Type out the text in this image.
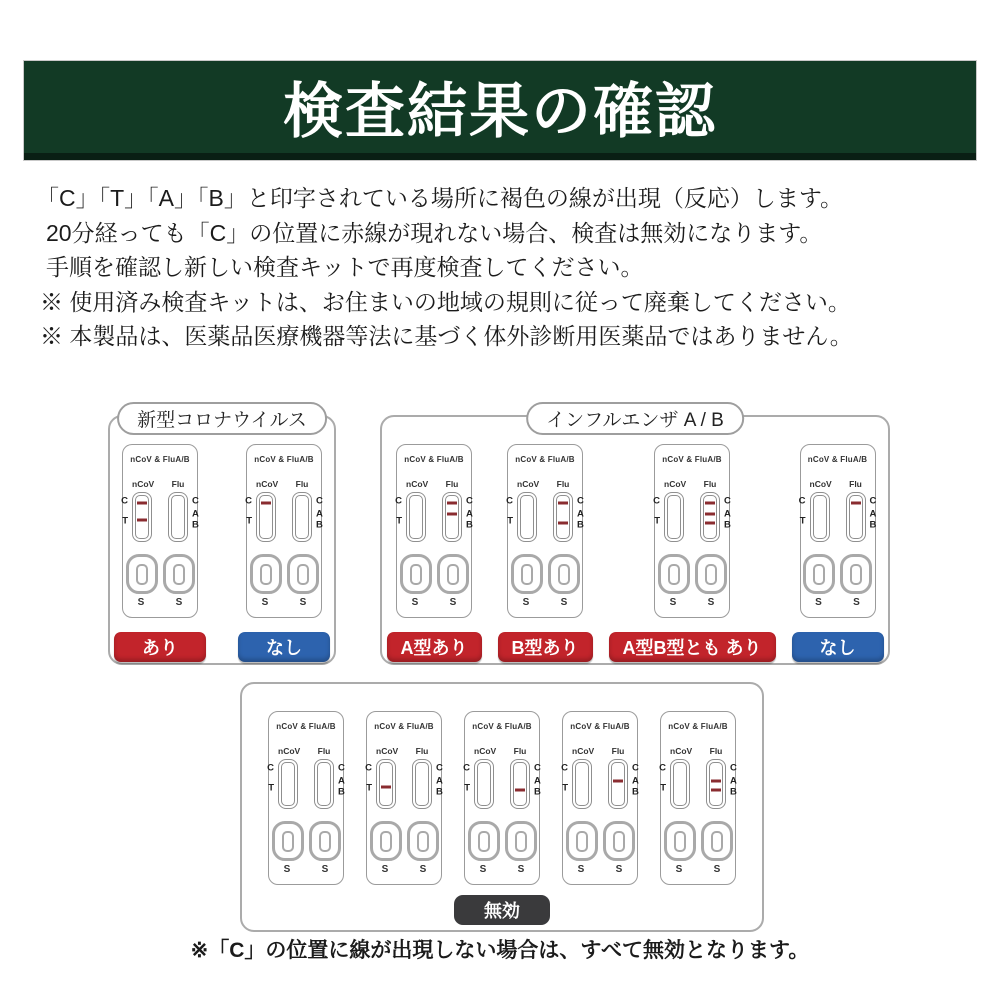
検査結果の確認
「C」「T」「A」「B」と印字されている場所に褐色の線が出現（反応）します。
20分経っても「C」の位置に赤線が現れない場合、検査は無効になります。
手順を確認し新しい検査キットで再度検査してください。
※ 使用済み検査キットは、お住まいの地域の規則に従って廃棄してください。
※ 本製品は、医薬品医療機器等法に基づく体外診断用医薬品ではありません。
新型コロナウイルス
nCoV & FluA/B
nCoV	Flu
C
T
C
A
B
S	S
あり
nCoV & FluA/B
nCoV	Flu
C
T
C
A
B
S	S
なし
インフルエンザ A / B
nCoV & FluA/B
nCoV	Flu
C
T
C
A
B
S	S
A型あり
nCoV & FluA/B
nCoV	Flu
C
T
C
A
B
S	S
B型あり
nCoV & FluA/B
nCoV	Flu
C
T
C
A
B
S	S
A型B型とも あり
nCoV & FluA/B
nCoV	Flu
C
T
C
A
B
S	S
なし
nCoV & FluA/B
nCoV	Flu
C
T
C
A
B
S	S
nCoV & FluA/B
nCoV	Flu
C
T
C
A
B
S	S
nCoV & FluA/B
nCoV	Flu
C
T
C
A
B
S	S
nCoV & FluA/B
nCoV	Flu
C
T
C
A
B
S	S
nCoV & FluA/B
nCoV	Flu
C
T
C
A
B
S	S
無効
※「C」の位置に線が出現しない場合は、すべて無効となります。
